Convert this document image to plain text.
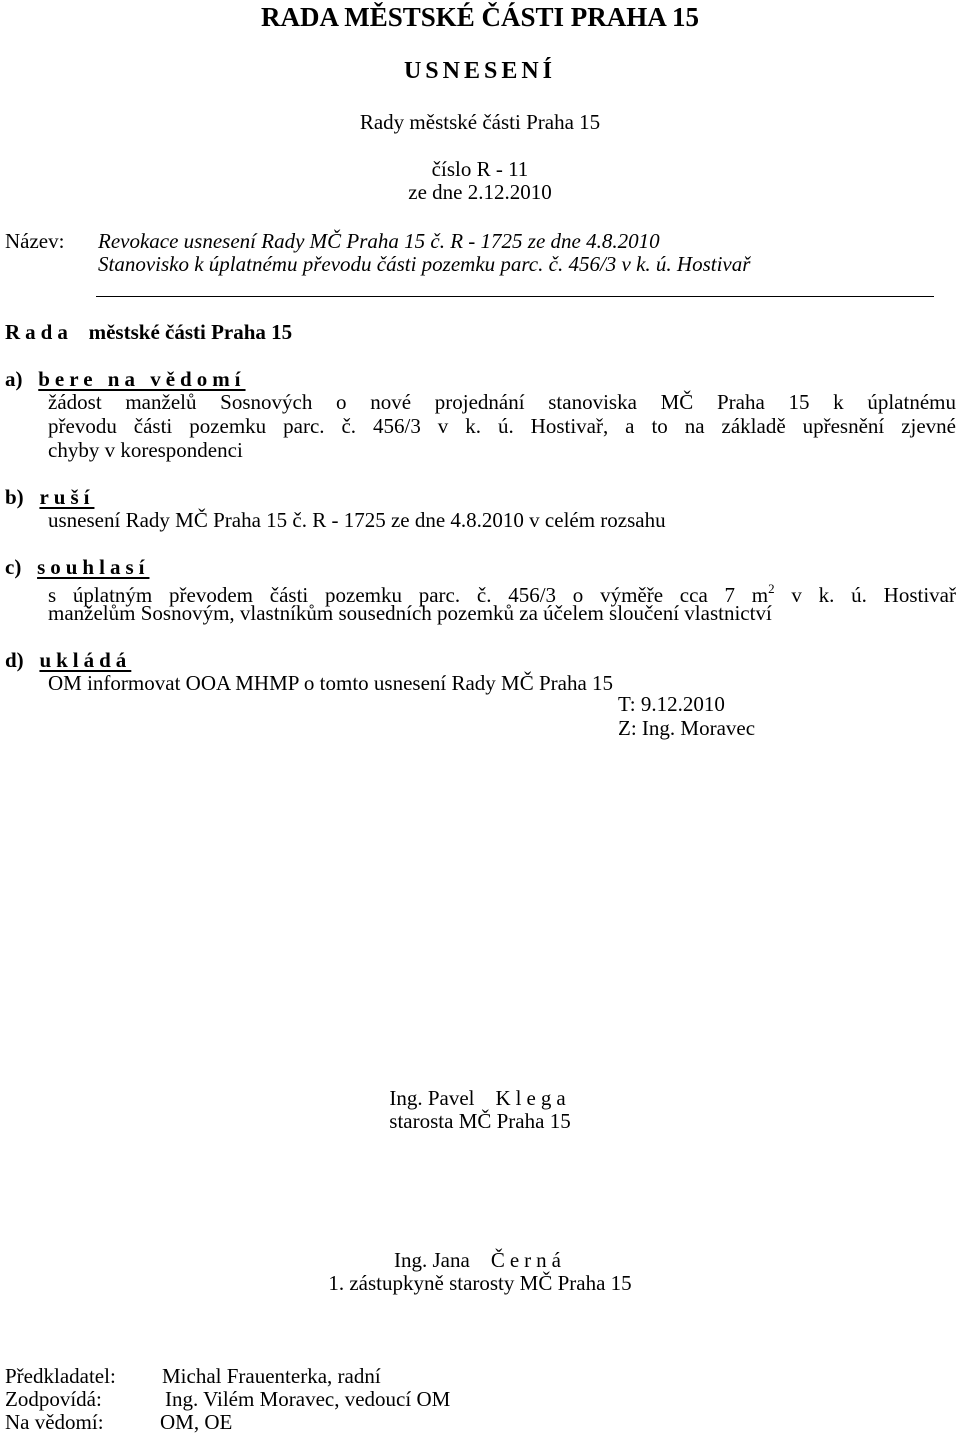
RADA MĚSTSKÉ ČÁSTI PRAHA 15
USNESENÍ
Rady městské části Praha 15
číslo R - 11
ze dne 2.12.2010
Název: Revokace usnesení Rady MČ Praha 15 č. R - 1725 ze dne 4.8.2010
Stanovisko k úplatnému převodu části pozemku parc. č. 456/3 v k. ú. Hostivař
Rada městské části Praha 15
a) bere na vědomí
žádost manželů Sosnových o nové projednání stanoviska MČ Praha 15 k úplatnému
převodu části pozemku parc. č. 456/3 v k. ú. Hostivař, a to na základě upřesnění zjevné
chyby v korespondenci
b) ruší
usnesení Rady MČ Praha 15 č. R - 1725 ze dne 4.8.2010 v celém rozsahu
c) souhlasí
s úplatným převodem části pozemku parc. č. 456/3 o výměře cca 7 $m^2$ v k. ú. Hostivař
manželům Sosnovým, vlastníkům sousedních pozemků za účelem sloučení vlastnictví
d) ukládá
OM informovat OOA MHMP o tomto usnesení Rady MČ Praha 15
T: 9.12.2010
Z: Ing. Moravec
Ing. Pavel Klega
starosta MČ Praha 15
Ing. Jana Černá
1. zástupkyně starosty MČ Praha 15
Předkladatel: Michal Frauenterka, radní
Zodpovídá:	Ing. Vilém Moravec, vedoucí OM
Na vědomí:	OM, OE
